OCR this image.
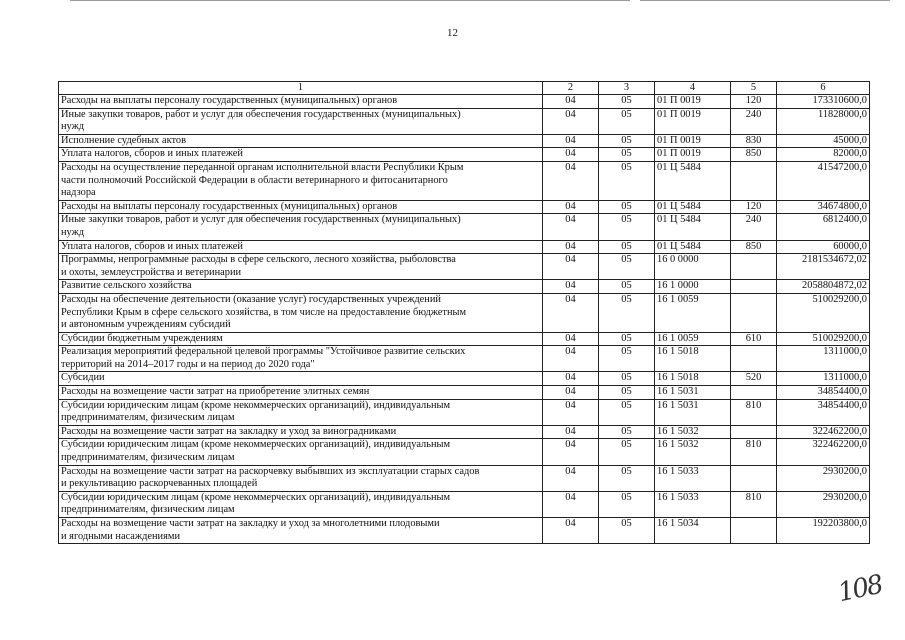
12
1	2	3	4	5	6
Расходы на выплаты персоналу государственных (муниципальных) органов	04	05	01 П 0019	120	173310600,0
Иные закупки товаров, работ и услуг для обеспечения государственных (муниципальных)
нужд	04	05	01 П 0019	240	11828000,0
Исполнение судебных актов	04	05	01 П 0019	830	45000,0
Уплата налогов, сборов и иных платежей	04	05	01 П 0019	850	82000,0
Расходы на осуществление переданной органам исполнительной власти Республики Крым
части полномочий Российской Федерации в области ветеринарного и фитосанитарного
надзора	04	05	01 Ц 5484		41547200,0
Расходы на выплаты персоналу государственных (муниципальных) органов	04	05	01 Ц 5484	120	34674800,0
Иные закупки товаров, работ и услуг для обеспечения государственных (муниципальных)
нужд	04	05	01 Ц 5484	240	6812400,0
Уплата налогов, сборов и иных платежей	04	05	01 Ц 5484	850	60000,0
Программы, непрограммные расходы в сфере сельского, лесного хозяйства, рыболовства
и охоты, землеустройства и ветеринарии	04	05	16 0 0000		2181534672,02
Развитие сельского хозяйства	04	05	16 1 0000		2058804872,02
Расходы на обеспечение деятельности (оказание услуг) государственных учреждений
Республики Крым в сфере сельского хозяйства, в том числе на предоставление бюджетным
и автономным учреждениям субсидий	04	05	16 1 0059		510029200,0
Субсидии бюджетным учреждениям	04	05	16 1 0059	610	510029200,0
Реализация мероприятий федеральной целевой программы "Устойчивое развитие сельских
территорий на 2014–2017 годы и на период до 2020 года"	04	05	16 1 5018		1311000,0
Субсидии	04	05	16 1 5018	520	1311000,0
Расходы на возмещение части затрат на приобретение элитных семян	04	05	16 1 5031		34854400,0
Субсидии юридическим лицам (кроме некоммерческих организаций), индивидуальным
предпринимателям, физическим лицам	04	05	16 1 5031	810	34854400,0
Расходы на возмещение части затрат на закладку и уход за виноградниками	04	05	16 1 5032		322462200,0
Субсидии юридическим лицам (кроме некоммерческих организаций), индивидуальным
предпринимателям, физическим лицам	04	05	16 1 5032	810	322462200,0
Расходы на возмещение части затрат на раскорчевку выбывших из эксплуатации старых садов
и рекультивацию раскорчеванных площадей	04	05	16 1 5033		2930200,0
Субсидии юридическим лицам (кроме некоммерческих организаций), индивидуальным
предпринимателям, физическим лицам	04	05	16 1 5033	810	2930200,0
Расходы на возмещение части затрат на закладку и уход за многолетними плодовыми
и ягодными насаждениями	04	05	16 1 5034		192203800,0
108
